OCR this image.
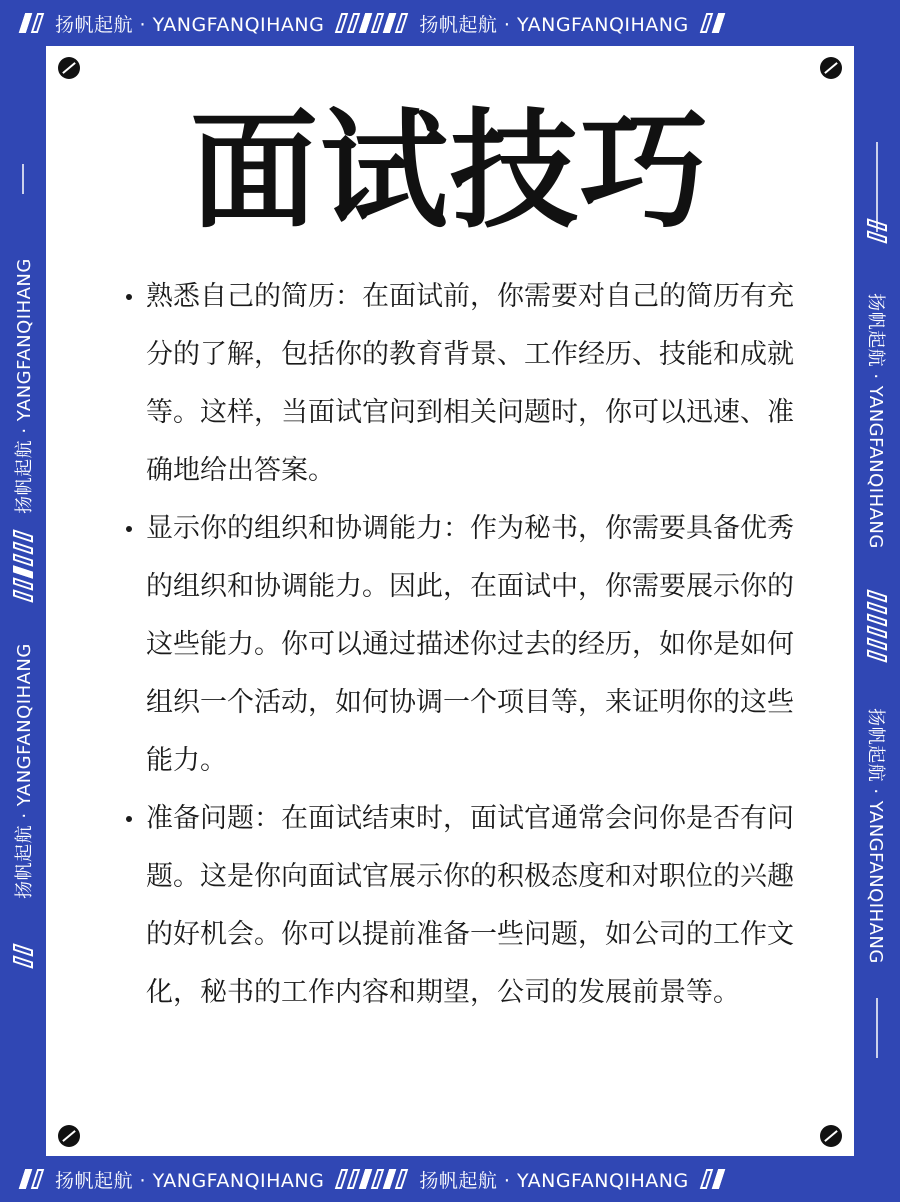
扬帆起航 · YANGFANQIHANG	扬帆起航 · YANGFANQIHANG
扬帆起航 · YANGFANQIHANG	扬帆起航 · YANGFANQIHANG
扬帆起航 · YANGFANQIHANG
扬帆起航 · YANGFANQIHANG
扬帆起航 · YANGFANQIHANG
扬帆起航 · YANGFANQIHANG
面试技巧
熟悉自己的简历：在面试前，你需要对自己的简历有充分的了解，包括你的教育背景、工作经历、技能和成就等。这样，当面试官问到相关问题时，你可以迅速、准确地给出答案。
显示你的组织和协调能力：作为秘书，你需要具备优秀的组织和协调能力。因此，在面试中，你需要展示你的这些能力。你可以通过描述你过去的经历，如你是如何组织一个活动，如何协调一个项目等，来证明你的这些能力。
准备问题：在面试结束时，面试官通常会问你是否有问题。这是你向面试官展示你的积极态度和对职位的兴趣的好机会。你可以提前准备一些问题，如公司的工作文化，秘书的工作内容和期望，公司的发展前景等。
